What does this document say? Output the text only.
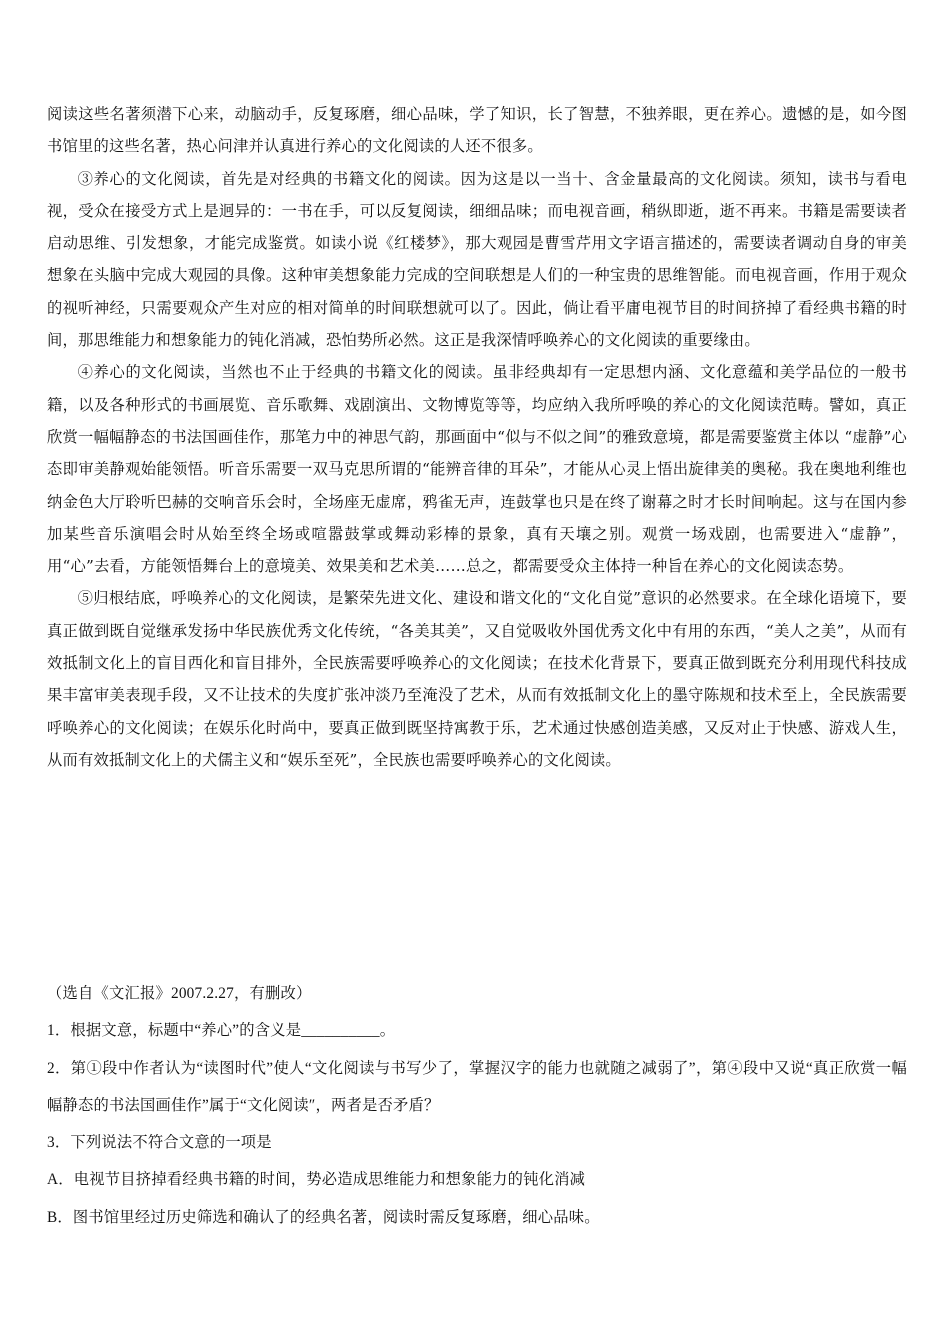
阅读这些名著须潜下心来，动脑动手，反复琢磨，细心品味，学了知识，长了智慧，不独养眼，更在养心。遗憾的是，如今图书馆里的这些名著，热心问津并认真进行养心的文化阅读的人还不很多。

③养心的文化阅读，首先是对经典的书籍文化的阅读。因为这是以一当十、含金量最高的文化阅读。须知，读书与看电视，受众在接受方式上是迥异的：一书在手，可以反复阅读，细细品味；而电视音画，稍纵即逝，逝不再来。书籍是需要读者启动思维、引发想象，才能完成鉴赏。如读小说《红楼梦》，那大观园是曹雪芹用文字语言描述的，需要读者调动自身的审美想象在头脑中完成大观园的具像。这种审美想象能力完成的空间联想是人们的一种宝贵的思维智能。而电视音画，作用于观众的视听神经，只需要观众产生对应的相对简单的时间联想就可以了。因此，倘让看平庸电视节目的时间挤掉了看经典书籍的时间，那思维能力和想象能力的钝化消减，恐怕势所必然。这正是我深情呼唤养心的文化阅读的重要缘由。

④养心的文化阅读，当然也不止于经典的书籍文化的阅读。虽非经典却有一定思想内涵、文化意蕴和美学品位的一般书籍，以及各种形式的书画展览、音乐歌舞、戏剧演出、文物博览等等，均应纳入我所呼唤的养心的文化阅读范畴。譬如，真正欣赏一幅幅静态的书法国画佳作，那笔力中的神思气韵，那画面中“似与不似之间”的雅致意境，都是需要鉴赏主体以 “虚静”心态即审美静观始能领悟。听音乐需要一双马克思所谓的“能辨音律的耳朵”，才能从心灵上悟出旋律美的奥秘。我在奥地利维也纳金色大厅聆听巴赫的交响音乐会时，全场座无虚席，鸦雀无声，连鼓掌也只是在终了谢幕之时才长时间响起。这与在国内参加某些音乐演唱会时从始至终全场或喧嚣鼓掌或舞动彩棒的景象，真有天壤之别。观赏一场戏剧，也需要进入“虚静”，用“心”去看，方能领悟舞台上的意境美、效果美和艺术美……总之，都需要受众主体持一种旨在养心的文化阅读态势。

⑤归根结底，呼唤养心的文化阅读，是繁荣先进文化、建设和谐文化的“文化自觉”意识的必然要求。在全球化语境下，要真正做到既自觉继承发扬中华民族优秀文化传统，“各美其美”，又自觉吸收外国优秀文化中有用的东西，“美人之美”，从而有效抵制文化上的盲目西化和盲目排外，全民族需要呼唤养心的文化阅读；在技术化背景下，要真正做到既充分利用现代科技成果丰富审美表现手段，又不让技术的失度扩张冲淡乃至淹没了艺术，从而有效抵制文化上的墨守陈规和技术至上，全民族需要呼唤养心的文化阅读；在娱乐化时尚中，要真正做到既坚持寓教于乐，艺术通过快感创造美感，又反对止于快感、游戏人生，从而有效抵制文化上的犬儒主义和“娱乐至死”，全民族也需要呼唤养心的文化阅读。

（选自《文汇报》2007.2.27，有删改）

1．根据文意，标题中“养心”的含义是__________。

2．第①段中作者认为“读图时代”使人“文化阅读与书写少了，掌握汉字的能力也就随之减弱了”，第④段中又说“真正欣赏一幅幅静态的书法国画佳作”属于“文化阅读″，两者是否矛盾？

3．下列说法不符合文意的一项是

A．电视节目挤掉看经典书籍的时间，势必造成思维能力和想象能力的钝化消减

B．图书馆里经过历史筛选和确认了的经典名著，阅读时需反复琢磨，细心品味。
